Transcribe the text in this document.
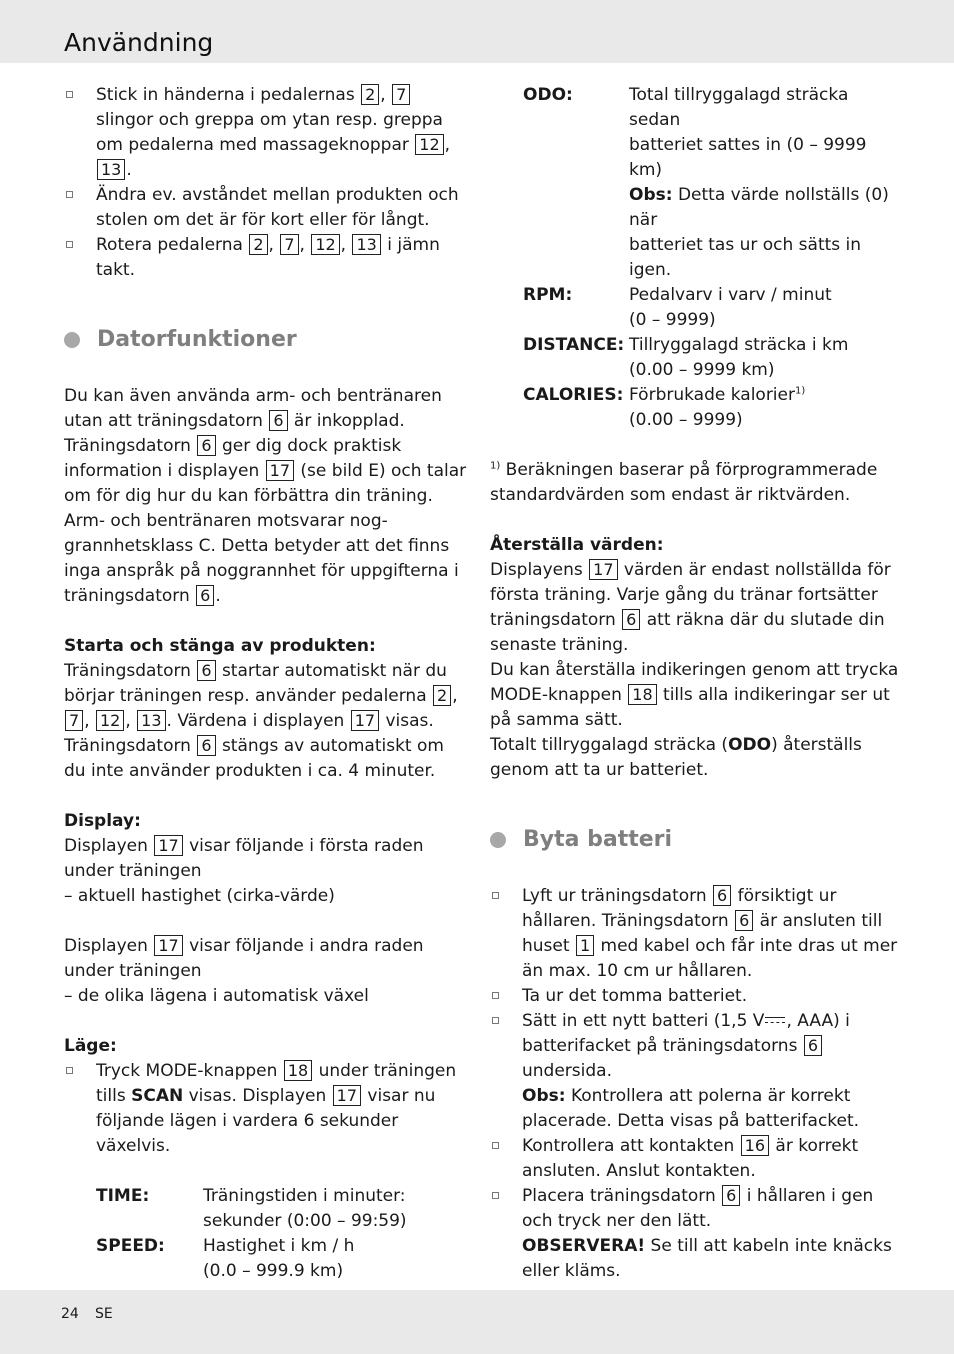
Användning
Stick in händerna i pedalernas 2 , 7 slingor och greppa om ytan resp. greppa om pedalerna med massageknoppar 12 , 13 .
Ändra ev. avståndet mellan produkten och stolen om det är för kort eller för långt.
Rotera pedalerna 2 , 7 , 12 , 13 i jämn takt.
Datorfunktioner

Du kan även använda arm- och bentränaren utan att träningsdatorn 6 är inkopplad. Träningsdatorn 6 ger dig dock praktisk information i displayen 17 (se bild E) och talar om för dig hur du kan förbättra din träning. Arm- och bentränaren motsvarar noggrannhetsklass C. Detta betyder att det finns inga anspråk på noggrannhet för uppgifterna i träningsdatorn 6 .

Starta och stänga av produkten:

Träningsdatorn 6 startar automatiskt när du börjar träningen resp. använder pedalerna 2 , 7 , 12 , 13 . Värdena i displayen 17 visas.

Träningsdatorn 6 stängs av automatiskt om du inte använder produkten i ca. 4 minuter.

Display:

Displayen 17 visar följande i första raden under träningen

– aktuell hastighet (cirka-värde)

Displayen 17 visar följande i andra raden under träningen

– de olika lägena i automatisk växel

Läge:

Tryck MODE-knappen 18 under träningen tills SCAN visas. Displayen 17 visar nu följande lägen i vardera 6 sekunder växelvis.
TIME:	Träningstiden i minuter:
sekunder (0:00 – 99:59)

SPEED:	Hastighet i km / h
(0.0 – 999.9 km)
ODO:	Total tillryggalagd sträcka sedan
batteriet sattes in (0 – 9999 km)
Obs: Detta värde nollställs (0) när
batteriet tas ur och sätts in igen.

RPM:	Pedalvarv i varv / minut
(0 – 9999)

DISTANCE:	Tillryggalagd sträcka i km
(0.00 – 9999 km)

CALORIES:	Förbrukade kalorier$^{1)}$
(0.00 – 9999)

$^{1)}$ Beräkningen baserar på förprogrammerade standardvärden som endast är riktvärden.

Återställa värden:

Displayens 17 värden är endast nollställda för första träning. Varje gång du tränar fortsätter träningsdatorn 6 att räkna där du slutade din senaste träning.

Du kan återställa indikeringen genom att trycka MODE-knappen 18 tills alla indikeringar ser ut på samma sätt.

Totalt tillryggalagd sträcka (ODO) återställs genom att ta ur batteriet.

Byta batteri
Lyft ur träningsdatorn 6 försiktigt ur hållaren. Träningsdatorn 6 är ansluten till huset 1 med kabel och får inte dras ut mer än max. 10 cm ur hållaren.
Ta ur det tomma batteriet.
Sätt in ett nytt batteri (1,5 V , AAA) i batterifacket på träningsdatorns 6 undersida.
Obs: Kontrollera att polerna är korrekt placerade. Detta visas på batterifacket.
Kontrollera att kontakten 16 är korrekt ansluten. Anslut kontakten.
Placera träningsdatorn 6 i hållaren i gen och tryck ner den lätt.
OBSERVERA! Se till att kabeln inte knäcks eller kläms.
24 SE
